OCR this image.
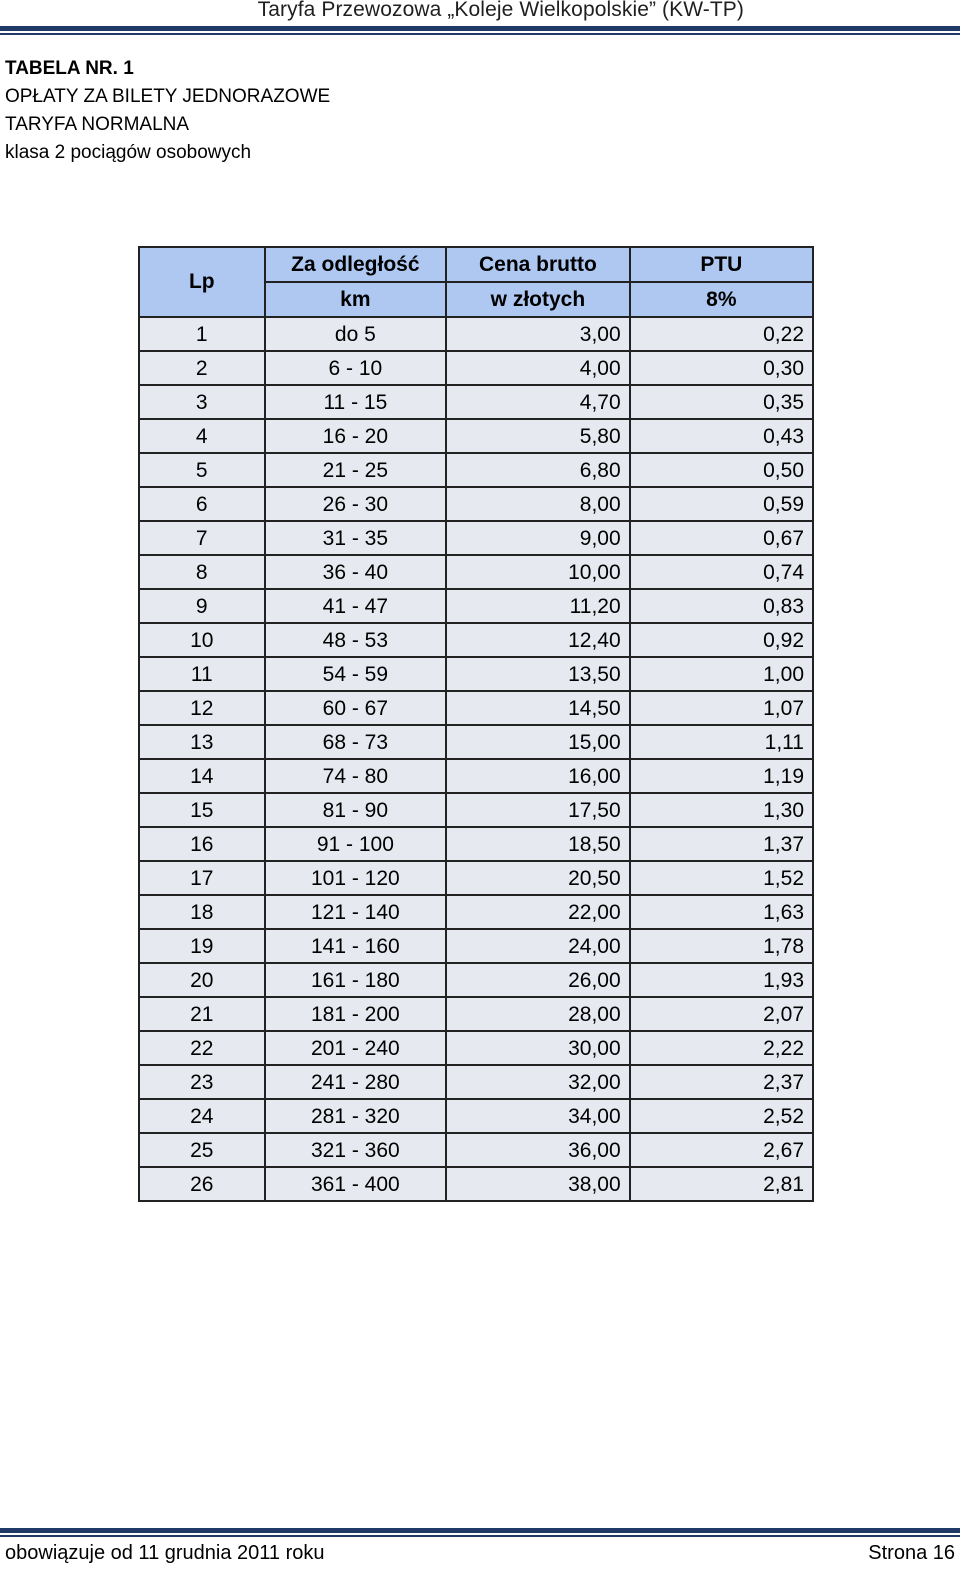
Taryfa Przewozowa „Koleje Wielkopolskie” (KW-TP)
TABELA NR. 1
OPŁATY ZA BILETY JEDNORAZOWE
TARYFA NORMALNA
klasa 2 pociągów osobowych
Lp	Za odległość	Cena brutto	PTU
	km	w złotych	8%
1	do 5	3,00	0,22
2	6 - 10	4,00	0,30
3	11 - 15	4,70	0,35
4	16 - 20	5,80	0,43
5	21 - 25	6,80	0,50
6	26 - 30	8,00	0,59
7	31 - 35	9,00	0,67
8	36 - 40	10,00	0,74
9	41 - 47	11,20	0,83
10	48 - 53	12,40	0,92
11	54 - 59	13,50	1,00
12	60 - 67	14,50	1,07
13	68 - 73	15,00	1,11
14	74 - 80	16,00	1,19
15	81 - 90	17,50	1,30
16	91 - 100	18,50	1,37
17	101 - 120	20,50	1,52
18	121 - 140	22,00	1,63
19	141 - 160	24,00	1,78
20	161 - 180	26,00	1,93
21	181 - 200	28,00	2,07
22	201 - 240	30,00	2,22
23	241 - 280	32,00	2,37
24	281 - 320	34,00	2,52
25	321 - 360	36,00	2,67
26	361 - 400	38,00	2,81
obowiązuje od 11 grudnia 2011 roku	Strona 16
